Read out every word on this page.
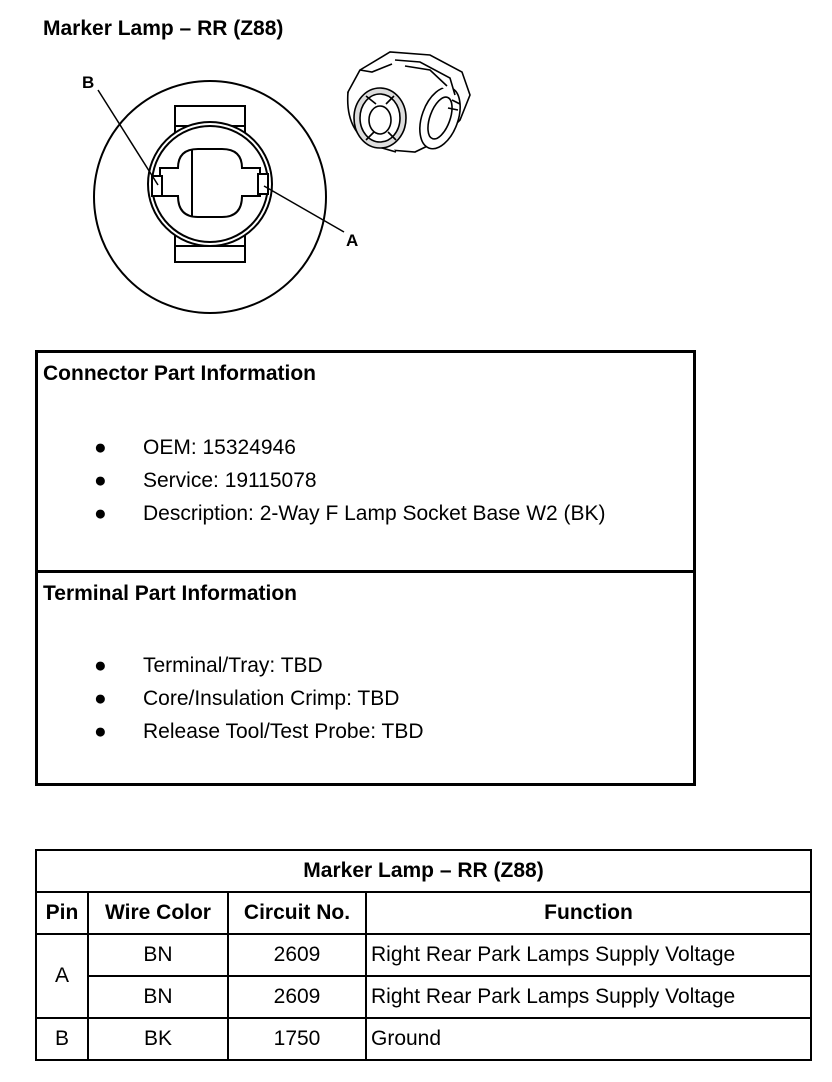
Marker Lamp – RR (Z88)
B
A
Connector Part Information
● OEM: 15324946
● Service: 19115078
● Description: 2-Way F Lamp Socket Base W2 (BK)
Terminal Part Information
● Terminal/Tray: TBD
● Core/Insulation Crimp: TBD
● Release Tool/Test Probe: TBD
Marker Lamp – RR (Z88)			
Pin	Wire Color	Circuit No.	Function
A	BN	2609	Right Rear Park Lamps Supply Voltage
	BN	2609	Right Rear Park Lamps Supply Voltage
B	BK	1750	Ground
